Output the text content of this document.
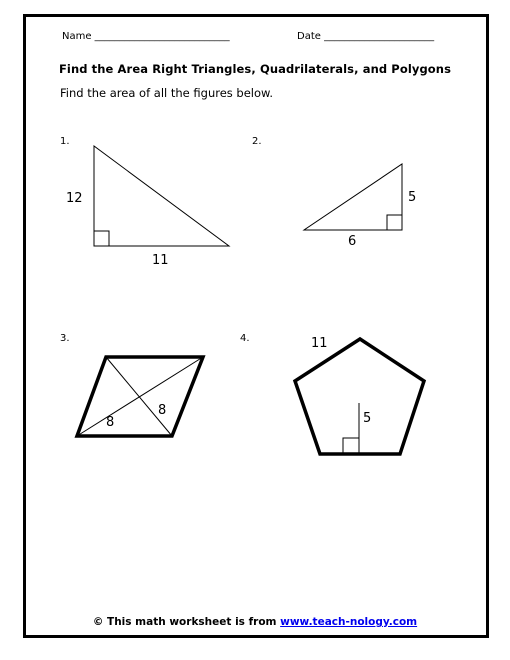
Name ___________________________	Date ______________________
Find the Area Right Triangles, Quadrilaterals, and Polygons
Find the area of all the figures below.
1.	2.
3.	4.
12
11
5
6
8
8
11
5
© This math worksheet is from www.teach-nology.com
